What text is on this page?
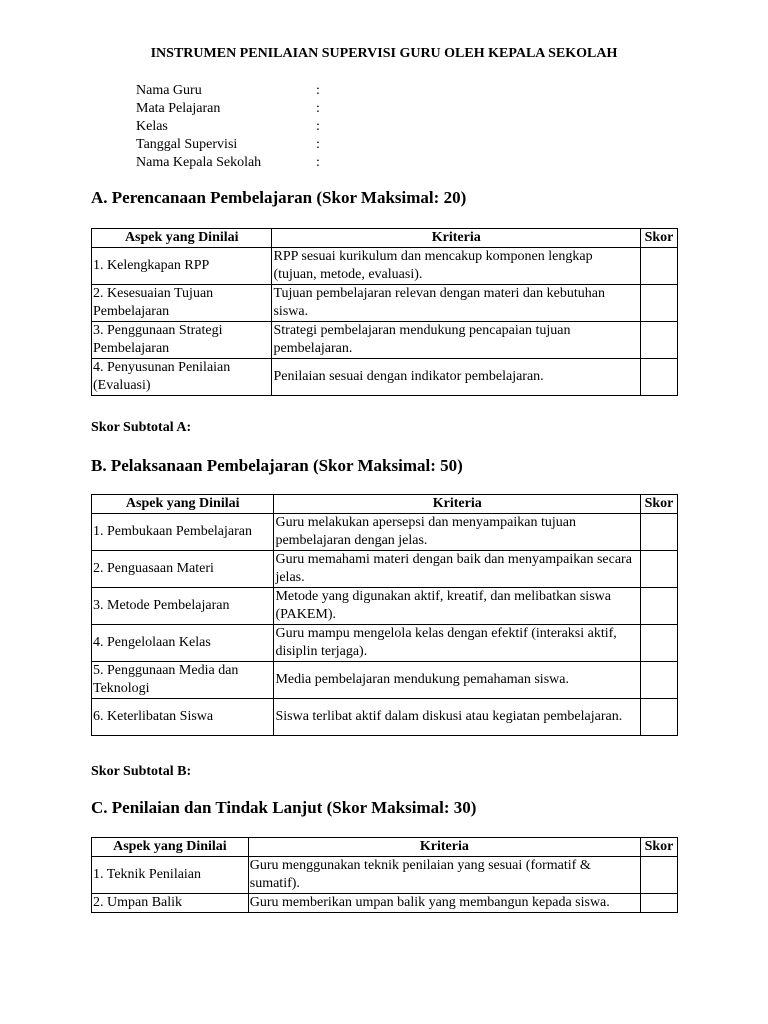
INSTRUMEN PENILAIAN SUPERVISI GURU OLEH KEPALA SEKOLAH
Nama Guru	:
Mata Pelajaran	:
Kelas	:
Tanggal Supervisi	:
Nama Kepala Sekolah	:
A. Perencanaan Pembelajaran (Skor Maksimal: 20)
Aspek yang Dinilai	Kriteria	Skor
1. Kelengkapan RPP	RPP sesuai kurikulum dan mencakup komponen lengkap (tujuan, metode, evaluasi).	
2. Kesesuaian Tujuan Pembelajaran	Tujuan pembelajaran relevan dengan materi dan kebutuhan siswa.	
3. Penggunaan Strategi Pembelajaran	Strategi pembelajaran mendukung pencapaian tujuan pembelajaran.	
4. Penyusunan Penilaian (Evaluasi)	Penilaian sesuai dengan indikator pembelajaran.	
Skor Subtotal A:
B. Pelaksanaan Pembelajaran (Skor Maksimal: 50)
Aspek yang Dinilai	Kriteria	Skor
1. Pembukaan Pembelajaran	Guru melakukan apersepsi dan menyampaikan tujuan pembelajaran dengan jelas.	
2. Penguasaan Materi	Guru memahami materi dengan baik dan menyampaikan secara jelas.	
3. Metode Pembelajaran	Metode yang digunakan aktif, kreatif, dan melibatkan siswa (PAKEM).	
4. Pengelolaan Kelas	Guru mampu mengelola kelas dengan efektif (interaksi aktif, disiplin terjaga).	
5. Penggunaan Media dan Teknologi	Media pembelajaran mendukung pemahaman siswa.	
6. Keterlibatan Siswa	Siswa terlibat aktif dalam diskusi atau kegiatan pembelajaran.	
Skor Subtotal B:
C. Penilaian dan Tindak Lanjut (Skor Maksimal: 30)
Aspek yang Dinilai	Kriteria	Skor
1. Teknik Penilaian	Guru menggunakan teknik penilaian yang sesuai (formatif & sumatif).	
2. Umpan Balik	Guru memberikan umpan balik yang membangun kepada siswa.	
